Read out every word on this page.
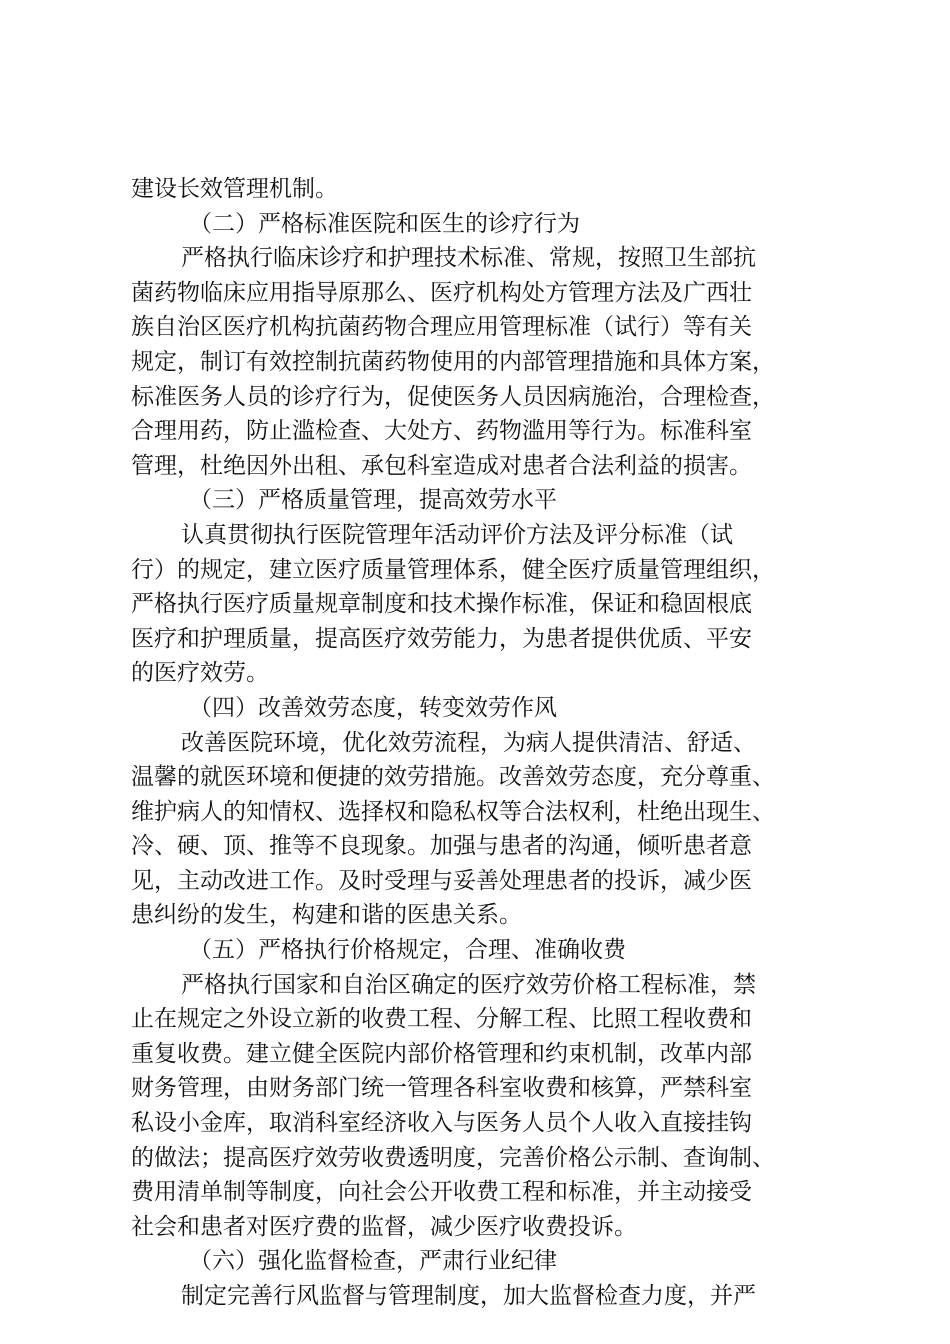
建设长效管理机制。
（二）严格标准医院和医生的诊疗行为
严格执行临床诊疗和护理技术标准、常规，按照卫生部抗
菌药物临床应用指导原那么、医疗机构处方管理方法及广西壮
族自治区医疗机构抗菌药物合理应用管理标准（试行）等有关
规定，制订有效控制抗菌药物使用的内部管理措施和具体方案，
标准医务人员的诊疗行为，促使医务人员因病施治，合理检查，
合理用药，防止滥检查、大处方、药物滥用等行为。标准科室
管理，杜绝因外出租、承包科室造成对患者合法利益的损害。
（三）严格质量管理，提高效劳水平
认真贯彻执行医院管理年活动评价方法及评分标准（试
行）的规定，建立医疗质量管理体系，健全医疗质量管理组织，
严格执行医疗质量规章制度和技术操作标准，保证和稳固根底
医疗和护理质量，提高医疗效劳能力，为患者提供优质、平安
的医疗效劳。
（四）改善效劳态度，转变效劳作风
改善医院环境，优化效劳流程，为病人提供清洁、舒适、
温馨的就医环境和便捷的效劳措施。改善效劳态度，充分尊重、
维护病人的知情权、选择权和隐私权等合法权利，杜绝出现生、
冷、硬、顶、推等不良现象。加强与患者的沟通，倾听患者意
见，主动改进工作。及时受理与妥善处理患者的投诉，减少医
患纠纷的发生，构建和谐的医患关系。
（五）严格执行价格规定，合理、准确收费
严格执行国家和自治区确定的医疗效劳价格工程标准，禁
止在规定之外设立新的收费工程、分解工程、比照工程收费和
重复收费。建立健全医院内部价格管理和约束机制，改革内部
财务管理，由财务部门统一管理各科室收费和核算，严禁科室
私设小金库，取消科室经济收入与医务人员个人收入直接挂钩
的做法；提高医疗效劳收费透明度，完善价格公示制、查询制、
费用清单制等制度，向社会公开收费工程和标准，并主动接受
社会和患者对医疗费的监督，减少医疗收费投诉。
（六）强化监督检查，严肃行业纪律
制定完善行风监督与管理制度，加大监督检查力度，并严
